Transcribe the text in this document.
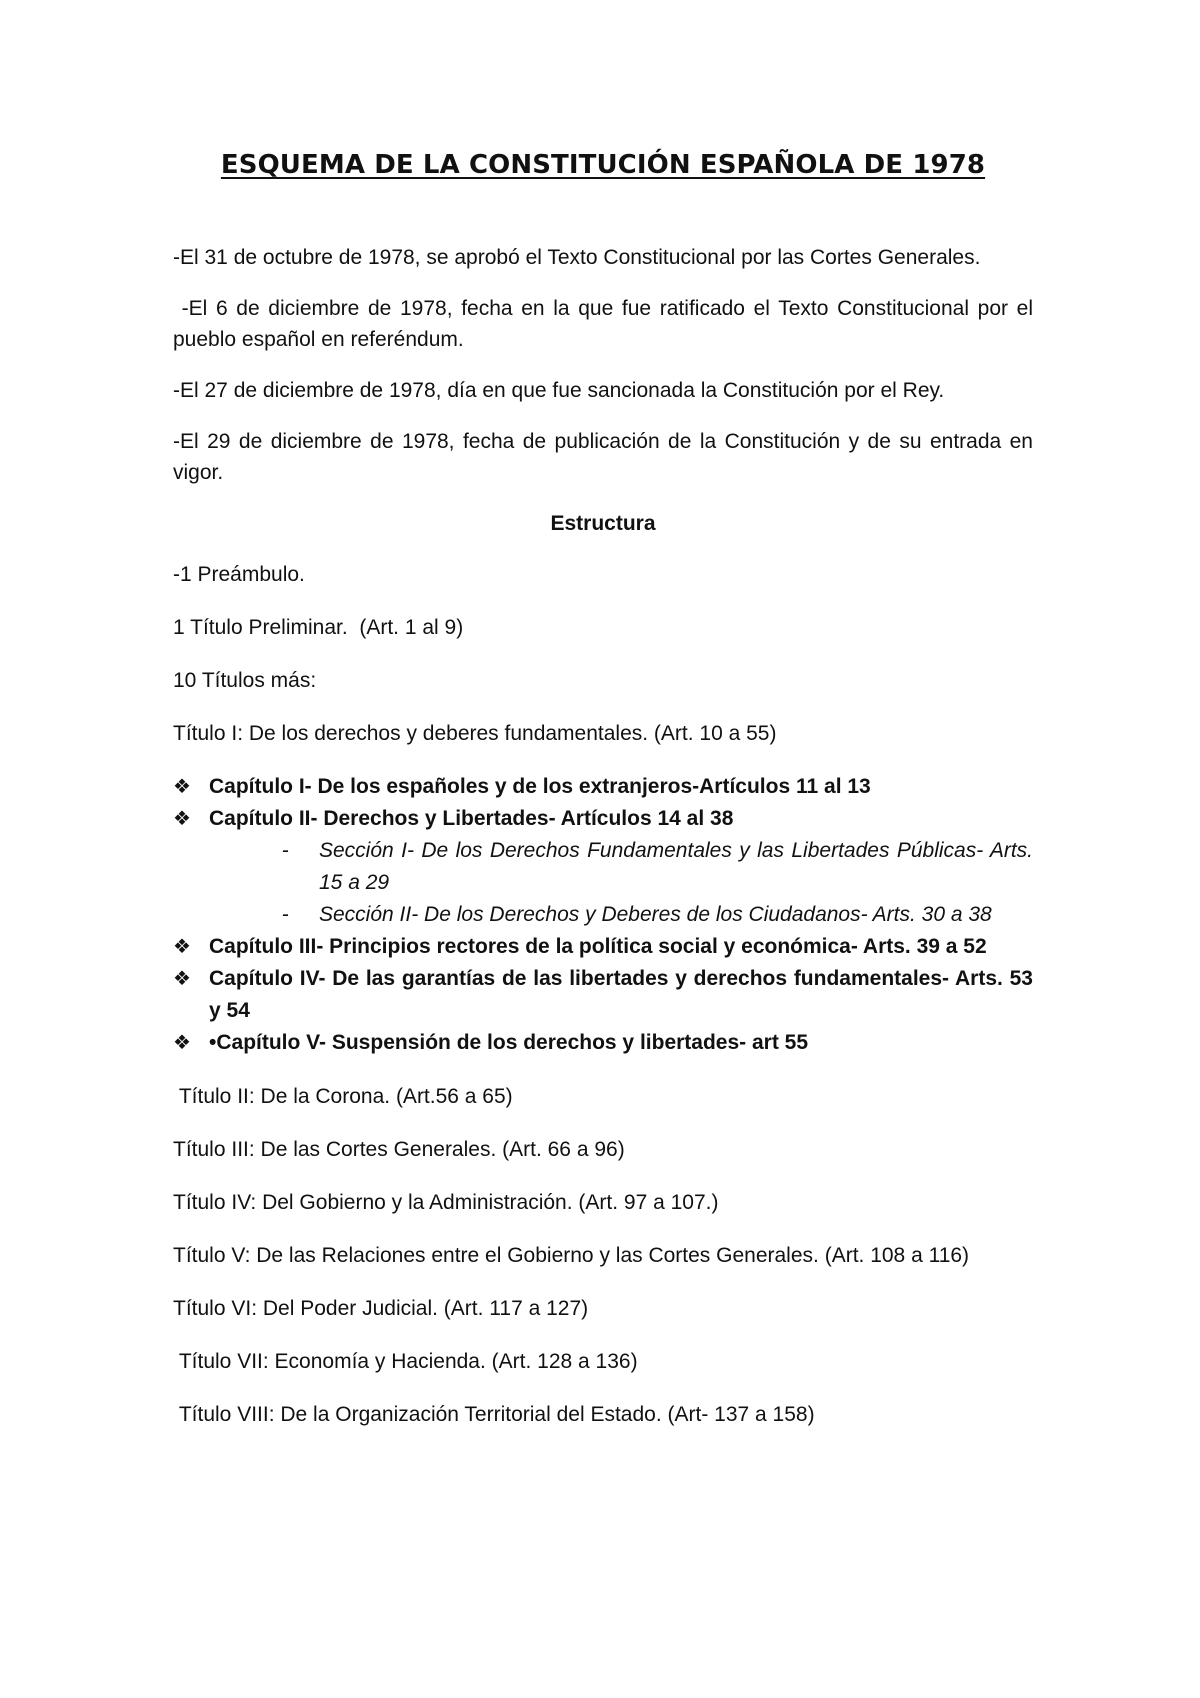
ESQUEMA DE LA CONSTITUCIÓN ESPAÑOLA DE 1978

-El 31 de octubre de 1978, se aprobó el Texto Constitucional por las Cortes Generales.

-El 6 de diciembre de 1978, fecha en la que fue ratificado el Texto Constitucional por el pueblo español en referéndum.

-El 27 de diciembre de 1978, día en que fue sancionada la Constitución por el Rey.

-El 29 de diciembre de 1978, fecha de publicación de la Constitución y de su entrada en vigor.

Estructura

-1 Preámbulo.

1 Título Preliminar.  (Art. 1 al 9)

10 Títulos más:

Título I: De los derechos y deberes fundamentales. (Art. 10 a 55)

❖ Capítulo I- De los españoles y de los extranjeros-Artículos 11 al 13
❖ Capítulo II- Derechos y Libertades- Artículos 14 al 38
- Sección I- De los Derechos Fundamentales y las Libertades Públicas- Arts. 15 a 29
- Sección II- De los Derechos y Deberes de los Ciudadanos- Arts. 30 a 38
❖ Capítulo III- Principios rectores de la política social y económica- Arts. 39 a 52
❖ Capítulo IV- De las garantías de las libertades y derechos fundamentales- Arts. 53 y 54
❖ •Capítulo V- Suspensión de los derechos y libertades- art 55

Título II: De la Corona. (Art.56 a 65)

Título III: De las Cortes Generales. (Art. 66 a 96)

Título IV: Del Gobierno y la Administración. (Art. 97 a 107.)

Título V: De las Relaciones entre el Gobierno y las Cortes Generales. (Art. 108 a 116)

Título VI: Del Poder Judicial. (Art. 117 a 127)

Título VII: Economía y Hacienda. (Art. 128 a 136)

Título VIII: De la Organización Territorial del Estado. (Art- 137 a 158)
